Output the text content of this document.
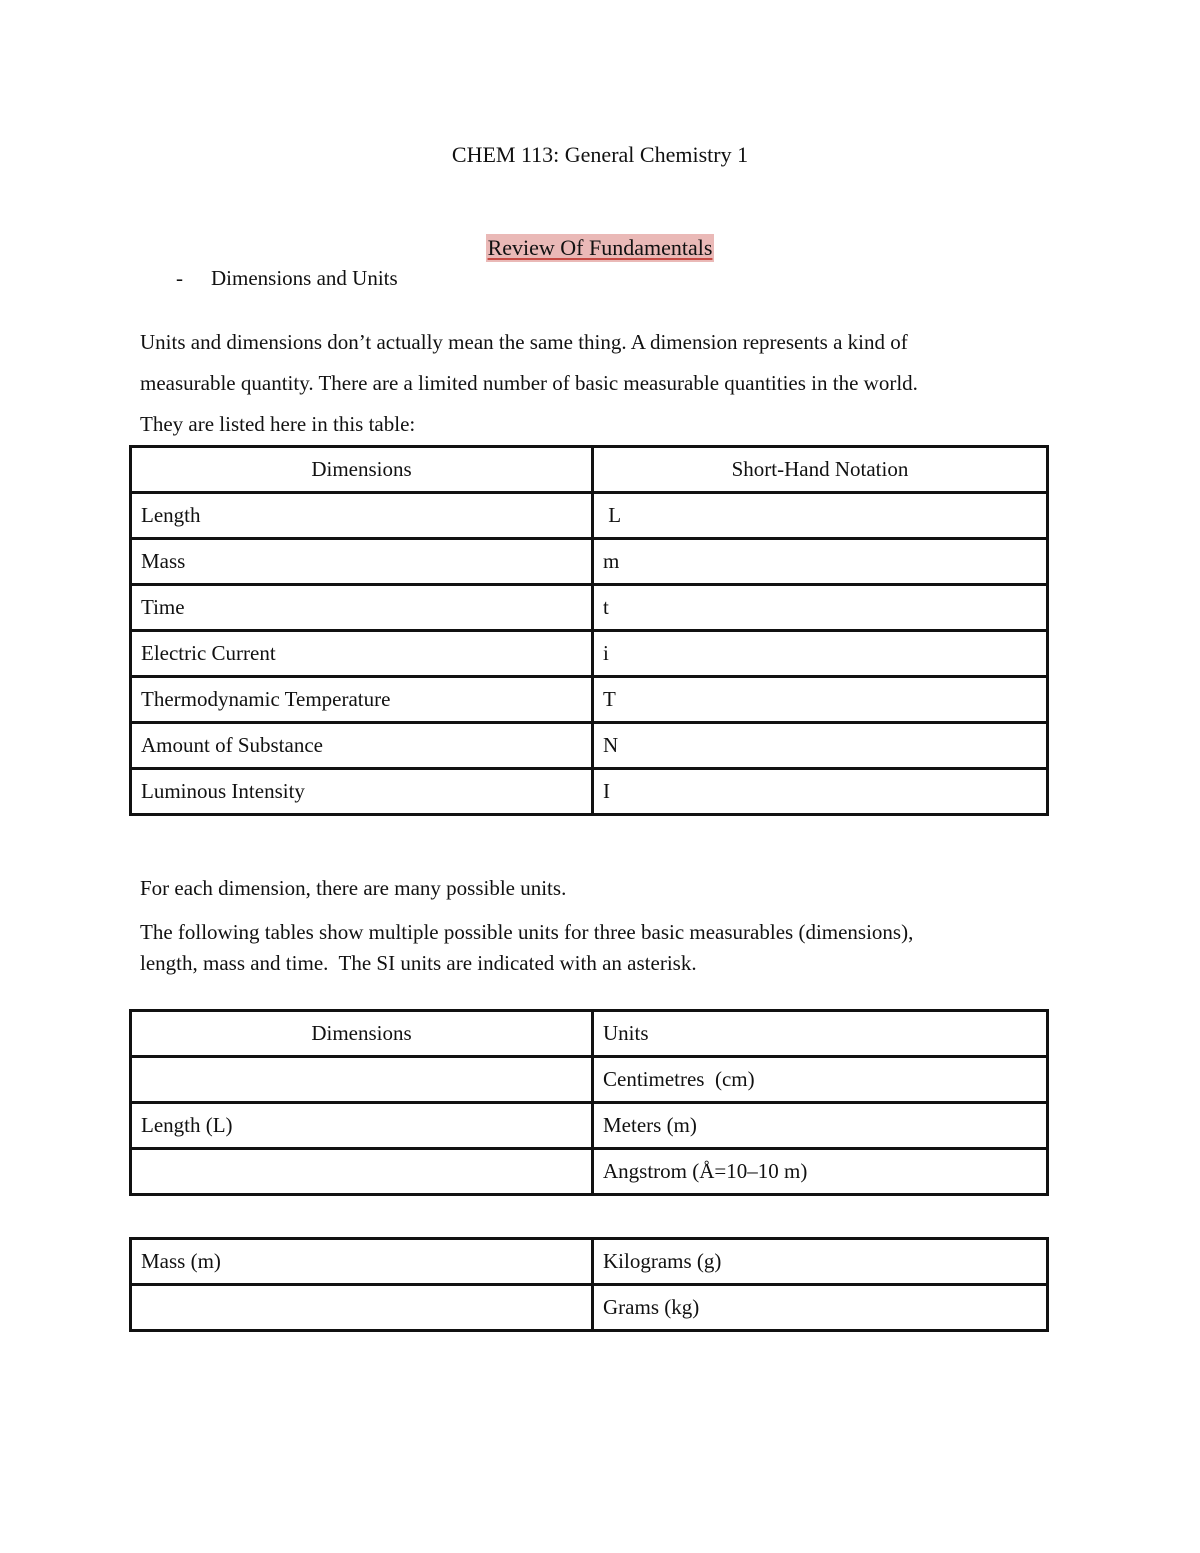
CHEM 113: General Chemistry 1
Review Of Fundamentals
- Dimensions and Units
Units and dimensions don’t actually mean the same thing. A dimension represents a kind of
measurable quantity. There are a limited number of basic measurable quantities in the world.
They are listed here in this table:
Dimensions	Short-Hand Notation
Length	L
Mass	m
Time	t
Electric Current	i
Thermodynamic Temperature	T
Amount of Substance	N
Luminous Intensity	I
For each dimension, there are many possible units.
The following tables show multiple possible units for three basic measurables (dimensions),
length, mass and time.  The SI units are indicated with an asterisk.
Dimensions	Units
	Centimetres  (cm)
Length (L)	Meters (m)
	Angstrom (Å=10–10 m)
Mass (m)	Kilograms (g)
	Grams (kg)
